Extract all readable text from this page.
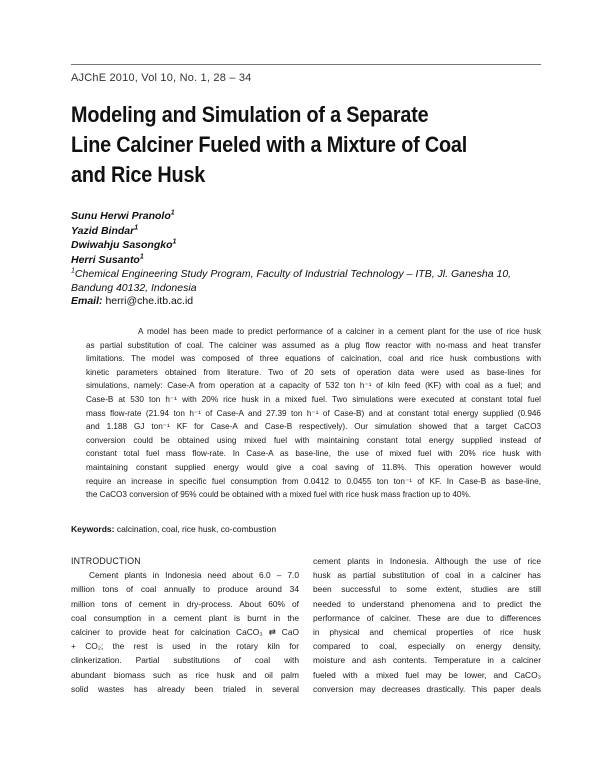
AJChE 2010, Vol 10, No. 1, 28 – 34
Modeling and Simulation of a Separate
Line Calciner Fueled with a Mixture of Coal
and Rice Husk
Sunu Herwi Pranolo$^1$
Yazid Bindar$^1$
Dwiwahju Sasongko$^1$
Herri Susanto$^1$
$^1$Chemical Engineering Study Program, Faculty of Industrial Technology – ITB, Jl. Ganesha 10,
Bandung 40132, Indonesia
Email: herri@che.itb.ac.id
A model has been made to predict performance of a calciner in a cement plant for the use of rice husk
as partial substitution of coal. The calciner was assumed as a plug flow reactor with no-mass and heat transfer
limitations. The model was composed of three equations of calcination, coal and rice husk combustions with
kinetic parameters obtained from literature. Two of 20 sets of operation data were used as base-lines for
simulations, namely: Case-A from operation at a capacity of 532 ton h⁻¹ of kiln feed (KF) with coal as a fuel; and
Case-B at 530 ton h⁻¹ with 20% rice husk in a mixed fuel. Two simulations were executed at constant total fuel
mass flow-rate (21.94 ton h⁻¹ of Case-A and 27.39 ton h⁻¹ of Case-B) and at constant total energy supplied (0.946
and 1.188 GJ ton⁻¹ KF for Case-A and Case-B respectively). Our simulation showed that a target CaCO3
conversion could be obtained using mixed fuel with maintaining constant total energy supplied instead of
constant total fuel mass flow-rate. In Case-A as base-line, the use of mixed fuel with 20% rice husk with
maintaining constant supplied energy would give a coal saving of 11.8%. This operation however would
require an increase in specific fuel consumption from 0.0412 to 0.0455 ton ton⁻¹ of KF. In Case-B as base-line,
the CaCO3 conversion of 95% could be obtained with a mixed fuel with rice husk mass fraction up to 40%.
Keywords: calcination, coal, rice husk, co-combustion
INTRODUCTION
Cement plants in Indonesia need about 6.0 – 7.0
million tons of coal annually to produce around 34
million tons of cement in dry-process. About 60% of
coal consumption in a cement plant is burnt in the
calciner to provide heat for calcination CaCO₃ ⇄ CaO
+ CO₂; the rest is used in the rotary kiln for
clinkerization. Partial substitutions of coal with
abundant biomass such as rice husk and oil palm
solid wastes has already been trialed in several
cement plants in Indonesia. Although the use of rice
husk as partial substitution of coal in a calciner has
been successful to some extent, studies are still
needed to understand phenomena and to predict the
performance of calciner. These are due to differences
in physical and chemical properties of rice husk
compared to coal, especially on energy density,
moisture and ash contents. Temperature in a calciner
fueled with a mixed fuel may be lower, and CaCO₃
conversion may decreases drastically. This paper deals
